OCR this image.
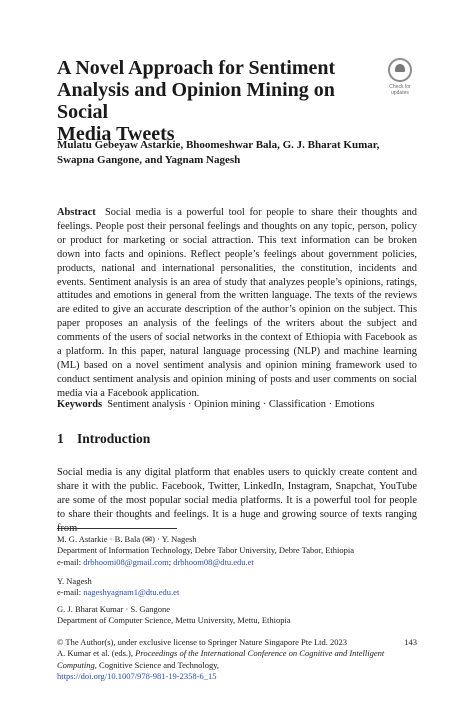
A Novel Approach for Sentiment
Analysis and Opinion Mining on Social
Media Tweets
Check for
updates
Mulatu Gebeyaw Astarkie, Bhoomeshwar Bala, G. J. Bharat Kumar,
Swapna Gangone, and Yagnam Nagesh
Abstract Social media is a powerful tool for people to share their thoughts and feelings. People post their personal feelings and thoughts on any topic, person, policy or product for marketing or social attraction. This text information can be broken down into facts and opinions. Reflect people’s feelings about government policies, products, national and international personalities, the constitution, incidents and events. Sentiment analysis is an area of study that analyzes people’s opinions, ratings, attitudes and emotions in general from the written language. The texts of the reviews are edited to give an accurate description of the author’s opinion on the subject. This paper proposes an analysis of the feelings of the writers about the subject and comments of the users of social networks in the context of Ethiopia with Facebook as a platform. In this paper, natural language processing (NLP) and machine learning (ML) based on a novel sentiment analysis and opinion mining framework used to conduct sentiment analysis and opinion mining of posts and user comments on social media via a Facebook application.
Keywords Sentiment analysis · Opinion mining · Classification · Emotions
1 Introduction
Social media is any digital platform that enables users to quickly create content and share it with the public. Facebook, Twitter, LinkedIn, Instagram, Snapchat, YouTube are some of the most popular social media platforms. It is a powerful tool for people to share their thoughts and feelings. It is a huge and growing source of texts ranging from
M. G. Astarkie · B. Bala (✉) · Y. Nagesh
Department of Information Technology, Debre Tabor University, Debre Tabor, Ethiopia
e-mail: drbhoomi08@gmail.com; drbhoom08@dtu.edu.et
Y. Nagesh
e-mail: nageshyagnam1@dtu.edu.et
G. J. Bharat Kumar · S. Gangone
Department of Computer Science, Mettu University, Mettu, Ethiopia
© The Author(s), under exclusive license to Springer Nature Singapore Pte Ltd. 2023
A. Kumar et al. (eds.), Proceedings of the International Conference on Cognitive and Intelligent Computing, Cognitive Science and Technology,
https://doi.org/10.1007/978-981-19-2358-6_15
143
